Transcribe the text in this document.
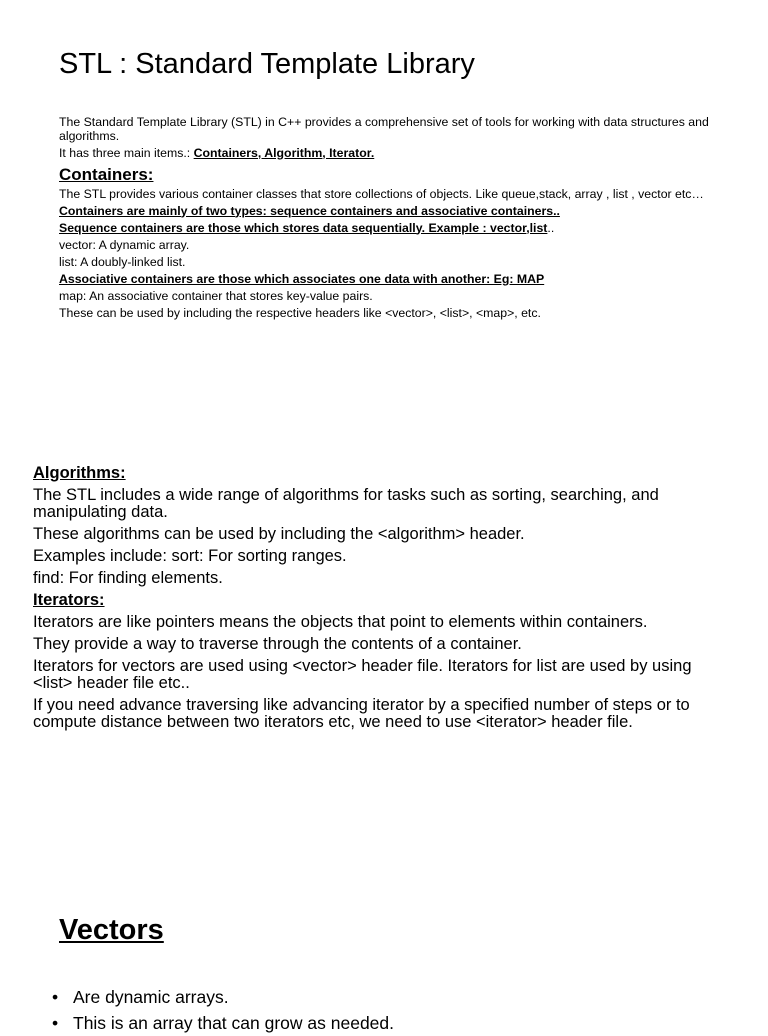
STL : Standard Template Library

The Standard Template Library (STL) in C++ provides a comprehensive set of tools for working with data structures and algorithms.

It has three main items.: Containers, Algorithm, Iterator.

Containers:

The STL provides various container classes that store collections of objects. Like queue,stack, array , list , vector etc…

Containers are mainly of two types: sequence containers and associative containers..

Sequence containers are those which stores data sequentially. Example : vector,list..

vector: A dynamic array.

list: A doubly-linked list.

Associative containers are those which associates one data with another: Eg: MAP

map: An associative container that stores key-value pairs.

These can be used by including the respective headers like <vector>, <list>, <map>, etc.

Algorithms:

The STL includes a wide range of algorithms for tasks such as sorting, searching, and manipulating data.

These algorithms can be used by including the <algorithm> header.

Examples include: sort: For sorting ranges.

find: For finding elements.

Iterators:

Iterators are like pointers means the objects that point to elements within containers.

They provide a way to traverse through the contents of a container.

Iterators for vectors are used using <vector> header file. Iterators for list are used by using <list> header file etc..

If you need advance traversing like advancing iterator by a specified number of steps or to compute distance between two iterators etc, we need to use <iterator> header file.

Vectors
• Are dynamic arrays.
• This is an array that can grow as needed.
